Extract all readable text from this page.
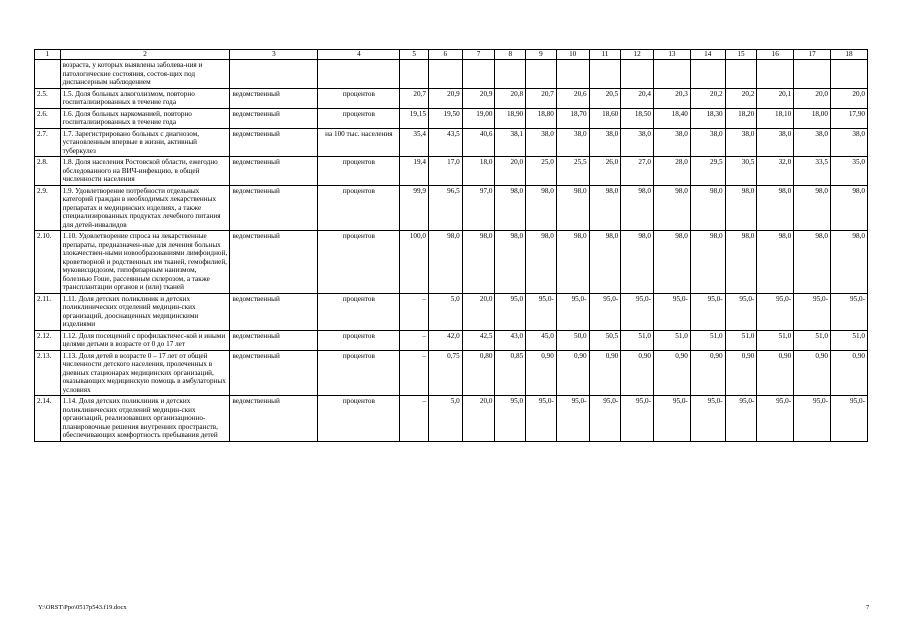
1	2	3	4	5	6	7	8	9	10	11	12	13	14	15	16	17	18
	возраста, у которых выявлены заболева-ния и патологические состояния, состоя-щих под диспансерным наблюдением																
2.5.	1.5. Доля больных алкоголизмом, повторно госпитализированных в течение года	ведомственный	процентов	20,7	20,9	20,9	20,8	20,7	20,6	20,5	20,4	20,3	20,2	20,2	20,1	20,0	20,0
2.6.	1.6. Доля больных наркоманией, повторно госпитализированных в течение года	ведомственный	процентов	19,15	19,50	19,00	18,90	18,80	18,70	18,60	18,50	18,40	18,30	18,20	18,10	18,00	17,90
2.7.	1.7. Зарегистрировано больных с диагнозом, установленным впервые в жизни, активный туберкулез	ведомственный	на 100 тыс. населения	35,4	43,5	40,6	38,1	38,0	38,0	38,0	38,0	38,0	38,0	38,0	38,0	38,0	38,0
2.8.	1.8. Доля населения Ростовской области, ежегодно обследованного на ВИЧ-инфекцию, в общей численности населения	ведомственный	процентов	19,4	17,0	18,0	20,0	25,0	25,5	26,0	27,0	28,0	29,5	30,5	32,0	33,5	35,0
2.9.	1.9. Удовлетворение потребности отдельных категорий граждан в необходимых лекарственных препаратах и медицинских изделиях, а также специализированных продуктах лечебного питания для детей-инвалидов	ведомственный	процентов	99,9	96,5	97,0	98,0	98,0	98,0	98,0	98,0	98,0	98,0	98,0	98,0	98,0	98,0
2.10.	1.10. Удовлетворение спроса на лекарственные препараты, предназначен-ные для лечения больных злокачествен-ными новообразованиями лимфоидной, кроветворной и родственных им тканей, гемофилией, муковисцидозом, гипофизарным нанизмом, болезнью Гоше, рассеянным склерозом, а также трансплантации органов и (или) тканей	ведомственный	процентов	100,0	98,0	98,0	98,0	98,0	98,0	98,0	98,0	98,0	98,0	98,0	98,0	98,0	98,0
2.11.	1.11. Доля детских поликлиник и детских поликлинических отделений медицин-ских организаций, дооснащенных медицинскими изделиями	ведомственный	процентов	–	5,0	20,0	95,0	95,0-	95,0-	95,0-	95,0-	95,0-	95,0-	95,0-	95,0-	95,0-	95,0-
2.12.	1.12. Доля посещений с профилактичес-кой и иными целями детьми в возрасте от 0 до 17 лет	ведомственный	процентов	–	42,0	42,5	43,0	45,0	50,0	50,5	51,0	51,0	51,0	51,0	51,0	51,0	51,0
2.13.	1.13. Доля детей в возрасте 0 – 17 лет от общей численности детского населения, пролеченных в дневных стационарах медицинских организаций, оказывающих медицинскую помощь в амбулаторных условиях	ведомственный	процентов	–	0,75	0,80	0,85	0,90	0,90	0,90	0,90	0,90	0,90	0,90	0,90	0,90	0,90
2.14.	1.14. Доля детских поликлиник и детских поликлинических отделений медицин-ских организаций, реализовавших организационно-планировочные решения внутренних пространств, обеспечивающих комфортность пребывания детей	ведомственный	процентов	–	5,0	20,0	95,0	95,0-	95,0-	95,0-	95,0-	95,0-	95,0-	95,0-	95,0-	95,0-	95,0-
Y:\ORST\Ppo\0517p543.f19.docx	7
